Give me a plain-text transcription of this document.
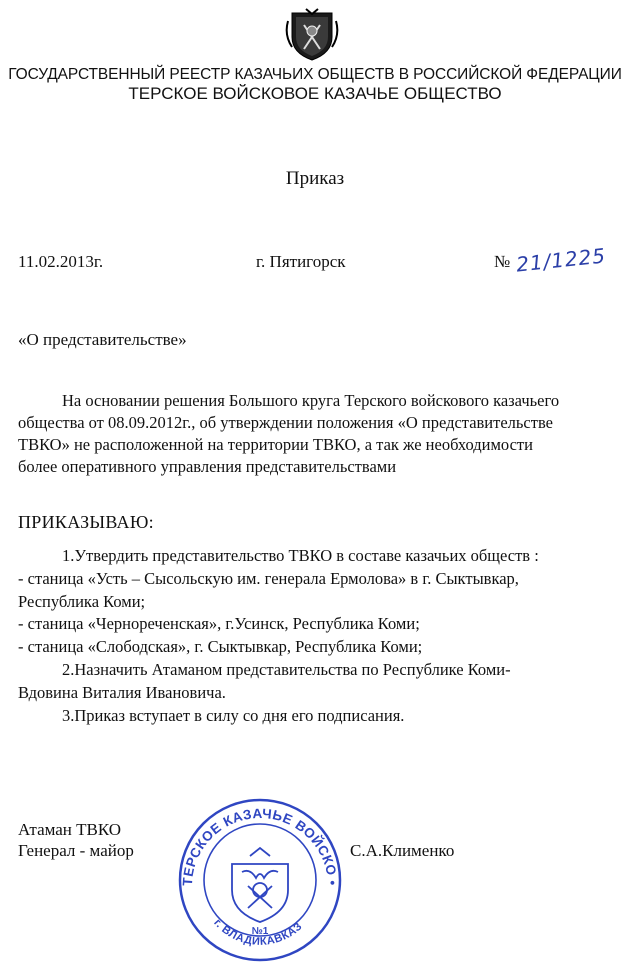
ГОСУДАРСТВЕННЫЙ РЕЕСТР КАЗАЧЬИХ ОБЩЕСТВ В РОССИЙСКОЙ ФЕДЕРАЦИИ
ТЕРСКОЕ ВОЙСКОВОЕ КАЗАЧЬЕ ОБЩЕСТВО
Приказ
11.02.2013г.	г. Пятигорск	№ 21/1225
«О представительстве»
На основании решения Большого круга Терского войскового казачьего
общества от 08.09.2012г., об утверждении положения «О представительстве
ТВКО» не расположенной на территории ТВКО, а так же необходимости
более оперативного управления представительствами
ПРИКАЗЫВАЮ:
1.Утвердить представительство ТВКО в составе казачьих обществ :
- станица «Усть – Сысольскую им. генерала Ермолова» в г. Сыктывкар,
Республика Коми;
- станица «Черноречeнская», г.Усинск, Республика Коми;
- станица «Слободская», г. Сыктывкар, Республика Коми;
2.Назначить Атаманом представительства по Республике Коми-
Вдовина Виталия Ивановича.
3.Приказ вступает в силу со дня его подписания.
ТЕРСКОЕ КАЗАЧЬЕ ВОЙСКО • ВОЙСКОВОЙ АТАМАН •
г. ВЛАДИКАВКАЗ
№1
Атаман ТВКО
Генерал - майор	С.А.Клименко
